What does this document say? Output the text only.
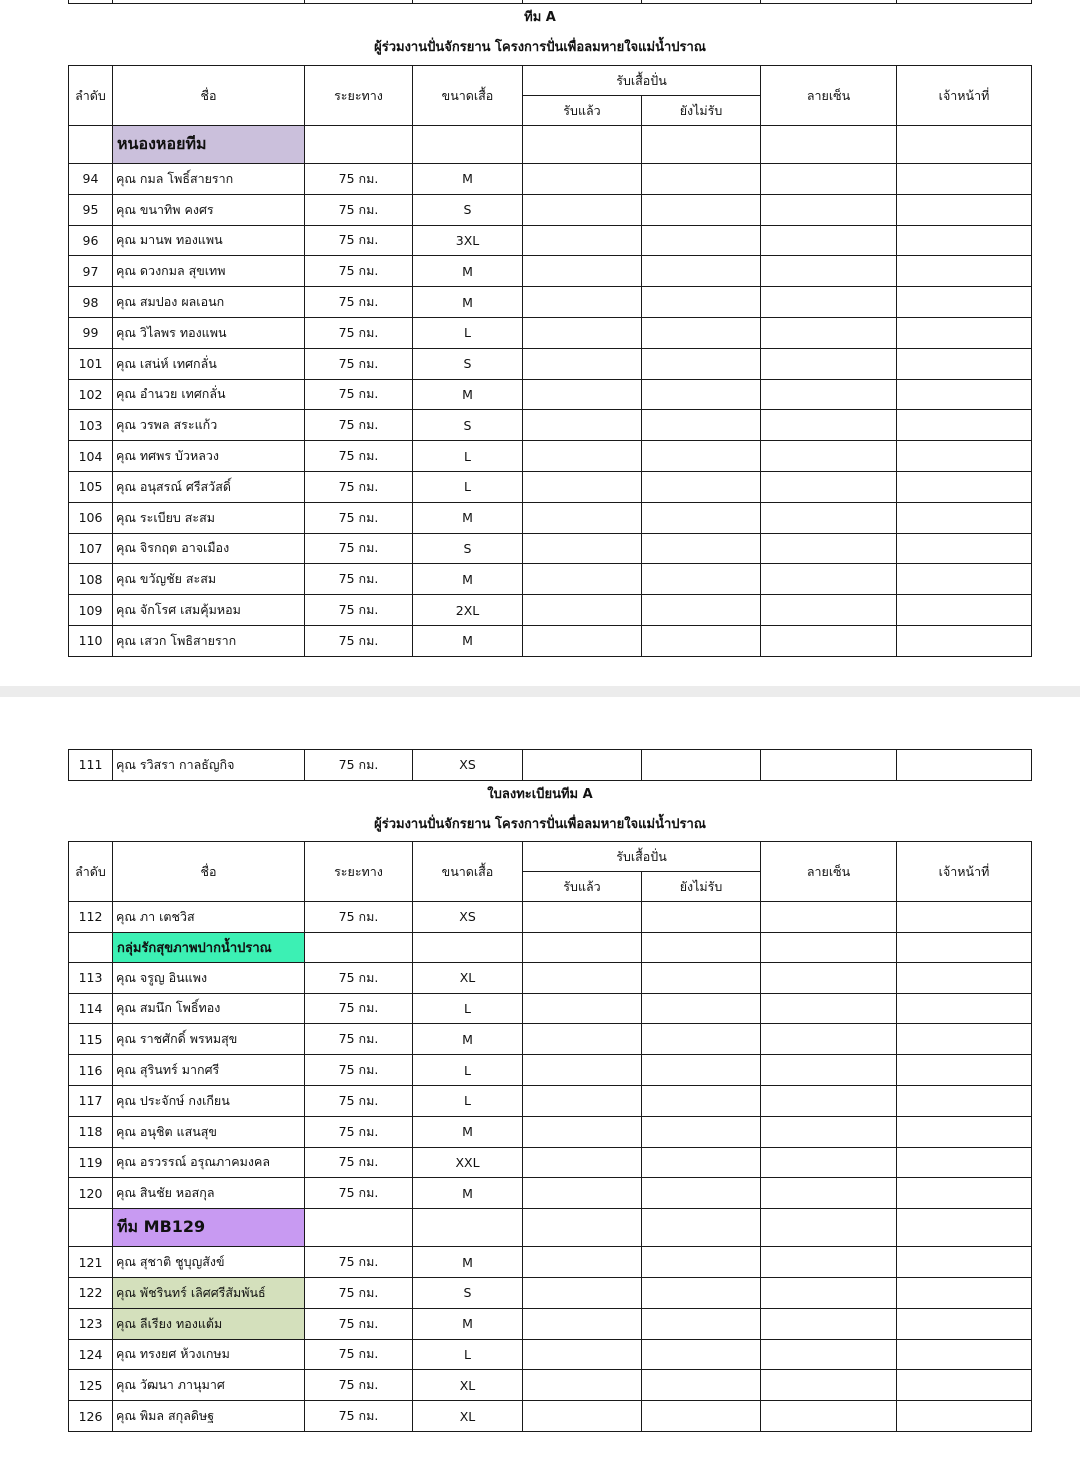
ทีม A
ผู้ร่วมงานปั่นจักรยาน โครงการปั่นเพื่อลมหายใจแม่น้ำปราณ
ลำดับ	ชื่อ	ระยะทาง	ขนาดเสื้อ	รับเสื้อปั่น		ลายเซ็น	เจ้าหน้าที่
				รับแล้ว	ยังไม่รับ		
	หนองหอยทีม						
94	คุณ กมล โพธิ์สายราก	75 กม.	M				
95	คุณ ขนาทิพ คงศร	75 กม.	S				
96	คุณ มานพ ทองแพน	75 กม.	3XL				
97	คุณ ดวงกมล สุขเทพ	75 กม.	M				
98	คุณ สมปอง ผลเอนก	75 กม.	M				
99	คุณ วิไลพร ทองแพน	75 กม.	L				
101	คุณ เสน่ห์ เทศกลั่น	75 กม.	S				
102	คุณ อำนวย เทศกลั่น	75 กม.	M				
103	คุณ วรพล สระแก้ว	75 กม.	S				
104	คุณ ทศพร บัวหลวง	75 กม.	L				
105	คุณ อนุสรณ์ ศรีสวัสดิ์	75 กม.	L				
106	คุณ ระเบียบ สะสม	75 กม.	M				
107	คุณ จิรกฤต อาจเมือง	75 กม.	S				
108	คุณ ขวัญชัย สะสม	75 กม.	M				
109	คุณ จักโรศ เสมคุ้มหอม	75 กม.	2XL				
110	คุณ เสวก โพธิสายราก	75 กม.	M				
111	คุณ รวิสรา กาลธัญกิจ	75 กม.	XS				
ใบลงทะเบียนทีม A
ผู้ร่วมงานปั่นจักรยาน โครงการปั่นเพื่อลมหายใจแม่น้ำปราณ
ลำดับ	ชื่อ	ระยะทาง	ขนาดเสื้อ	รับเสื้อปั่น		ลายเซ็น	เจ้าหน้าที่
				รับแล้ว	ยังไม่รับ		
112	คุณ ภา เตชวิส	75 กม.	XS				
	กลุ่มรักสุขภาพปากน้ำปราณ						
113	คุณ จรูญ อินแพง	75 กม.	XL				
114	คุณ สมนึก โพธิ์ทอง	75 กม.	L				
115	คุณ ราชศักดิ์ พรหมสุข	75 กม.	M				
116	คุณ สุรินทร์ มากศรี	75 กม.	L				
117	คุณ ประจักษ์ กงเกียน	75 กม.	L				
118	คุณ อนุชิต แสนสุข	75 กม.	M				
119	คุณ อรวรรณ์ อรุณภาคมงคล	75 กม.	XXL				
120	คุณ สินชัย หอสกุล	75 กม.	M				
	ทีม MB129						
121	คุณ สุชาติ ชูบุญสังข์	75 กม.	M				
122	คุณ พัชรินทร์ เลิศศรีสัมพันธ์	75 กม.	S				
123	คุณ ลีเรียง ทองแต้ม	75 กม.	M				
124	คุณ ทรงยศ ห้วงเกษม	75 กม.	L				
125	คุณ วัฒนา ภานุมาศ	75 กม.	XL				
126	คุณ พิมล สกุลดิษฐ	75 กม.	XL				
